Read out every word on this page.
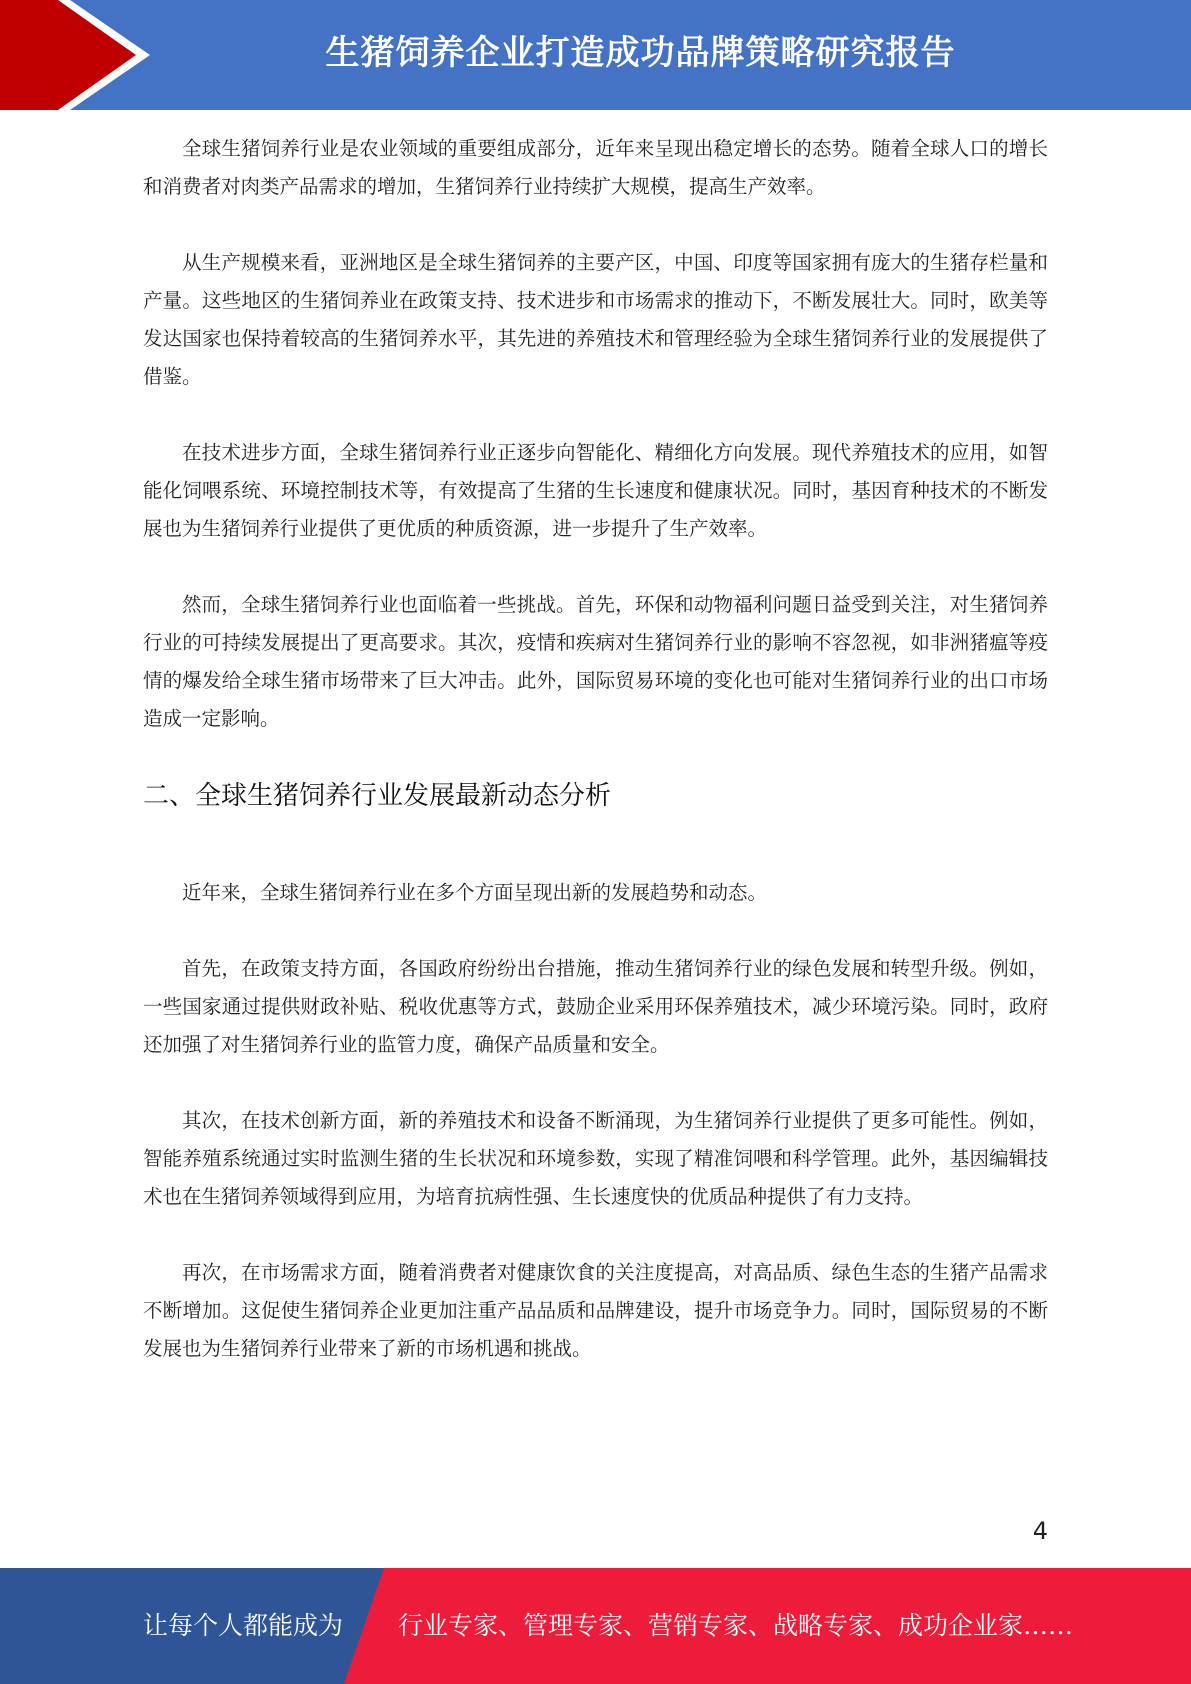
生猪饲养企业打造成功品牌策略研究报告

全球生猪饲养行业是农业领域的重要组成部分，近年来呈现出稳定增长的态势。随着全球人口的增长和消费者对肉类产品需求的增加，生猪饲养行业持续扩大规模，提高生产效率。

从生产规模来看，亚洲地区是全球生猪饲养的主要产区，中国、印度等国家拥有庞大的生猪存栏量和产量。这些地区的生猪饲养业在政策支持、技术进步和市场需求的推动下，不断发展壮大。同时，欧美等发达国家也保持着较高的生猪饲养水平，其先进的养殖技术和管理经验为全球生猪饲养行业的发展提供了借鉴。

在技术进步方面，全球生猪饲养行业正逐步向智能化、精细化方向发展。现代养殖技术的应用，如智能化饲喂系统、环境控制技术等，有效提高了生猪的生长速度和健康状况。同时，基因育种技术的不断发展也为生猪饲养行业提供了更优质的种质资源，进一步提升了生产效率。

然而，全球生猪饲养行业也面临着一些挑战。首先，环保和动物福利问题日益受到关注，对生猪饲养行业的可持续发展提出了更高要求。其次，疫情和疾病对生猪饲养行业的影响不容忽视，如非洲猪瘟等疫情的爆发给全球生猪市场带来了巨大冲击。此外，国际贸易环境的变化也可能对生猪饲养行业的出口市场造成一定影响。

二、全球生猪饲养行业发展最新动态分析

近年来，全球生猪饲养行业在多个方面呈现出新的发展趋势和动态。

首先，在政策支持方面，各国政府纷纷出台措施，推动生猪饲养行业的绿色发展和转型升级。例如，一些国家通过提供财政补贴、税收优惠等方式，鼓励企业采用环保养殖技术，减少环境污染。同时，政府还加强了对生猪饲养行业的监管力度，确保产品质量和安全。

其次，在技术创新方面，新的养殖技术和设备不断涌现，为生猪饲养行业提供了更多可能性。例如，智能养殖系统通过实时监测生猪的生长状况和环境参数，实现了精准饲喂和科学管理。此外，基因编辑技术也在生猪饲养领域得到应用，为培育抗病性强、生长速度快的优质品种提供了有力支持。

再次，在市场需求方面，随着消费者对健康饮食的关注度提高，对高品质、绿色生态的生猪产品需求不断增加。这促使生猪饲养企业更加注重产品品质和品牌建设，提升市场竞争力。同时，国际贸易的不断发展也为生猪饲养行业带来了新的市场机遇和挑战。

4
让每个人都能成为 行业专家、管理专家、营销专家、战略专家、成功企业家……
